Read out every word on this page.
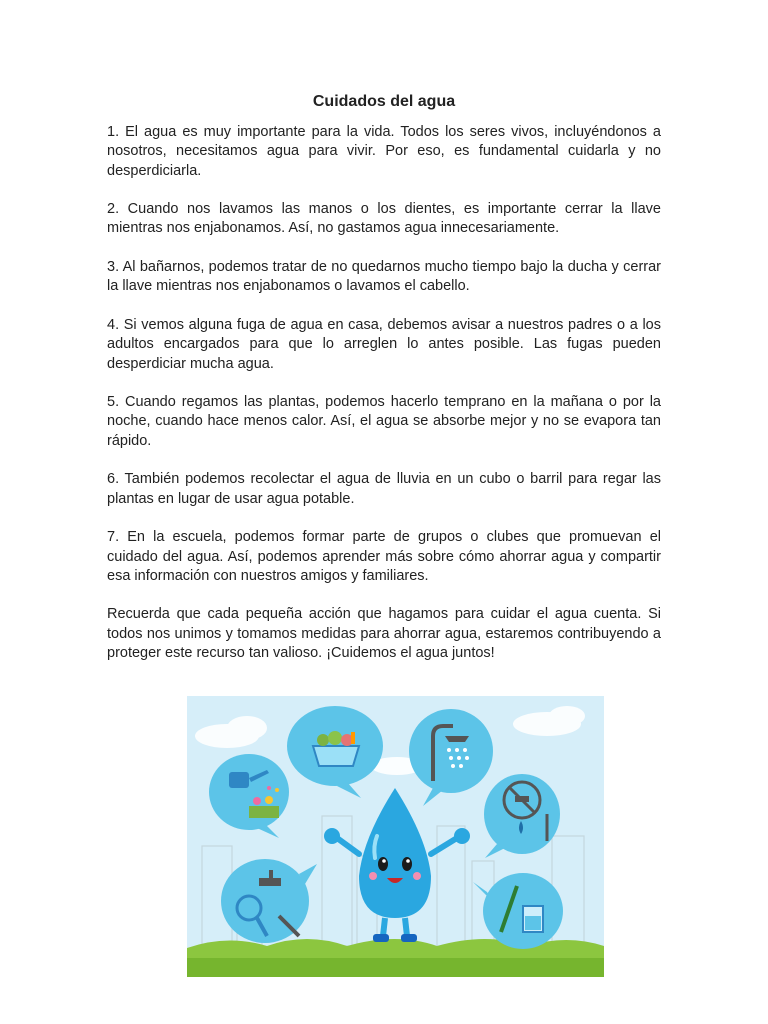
Cuidados del agua

1. El agua es muy importante para la vida. Todos los seres vivos, incluyéndonos a nosotros, necesitamos agua para vivir. Por eso, es fundamental cuidarla y no desperdiciarla.

2. Cuando nos lavamos las manos o los dientes, es importante cerrar la llave mientras nos enjabonamos. Así, no gastamos agua innecesariamente.

3. Al bañarnos, podemos tratar de no quedarnos mucho tiempo bajo la ducha y cerrar la llave mientras nos enjabonamos o lavamos el cabello.

4. Si vemos alguna fuga de agua en casa, debemos avisar a nuestros padres o a los adultos encargados para que lo arreglen lo antes posible. Las fugas pueden desperdiciar mucha agua.

5. Cuando regamos las plantas, podemos hacerlo temprano en la mañana o por la noche, cuando hace menos calor. Así, el agua se absorbe mejor y no se evapora tan rápido.

6. También podemos recolectar el agua de lluvia en un cubo o barril para regar las plantas en lugar de usar agua potable.

7. En la escuela, podemos formar parte de grupos o clubes que promuevan el cuidado del agua. Así, podemos aprender más sobre cómo ahorrar agua y compartir esa información con nuestros amigos y familiares.

Recuerda que cada pequeña acción que hagamos para cuidar el agua cuenta. Si todos nos unimos y tomamos medidas para ahorrar agua, estaremos contribuyendo a proteger este recurso tan valioso. ¡Cuidemos el agua juntos!
